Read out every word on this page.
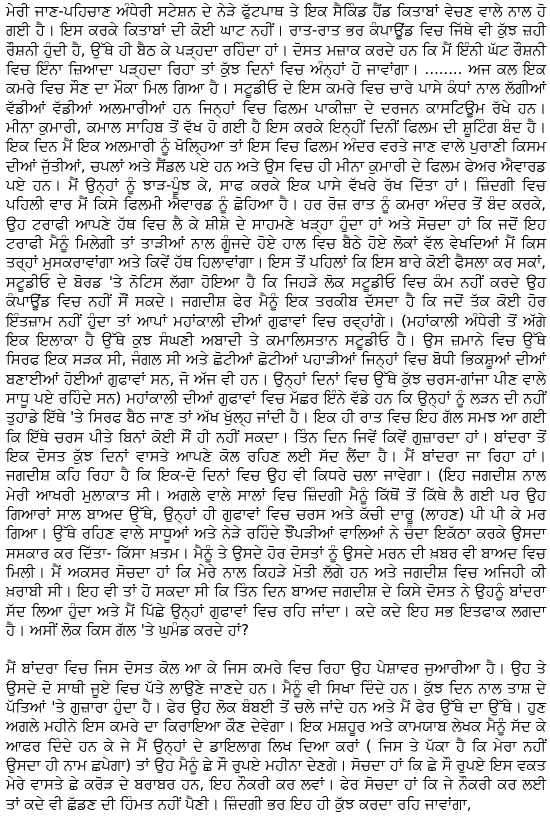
ਮੇਰੀ ਜਾਣ-ਪਹਿਚਾਣ ਅੰਧੇਰੀ ਸਟੇਸ਼ਨ ਦੇ ਨੇੜੇ ਫੁੱਟਪਾਥ ਤੇ ਇਕ ਸੈਕਿੰਡ ਹੈਂਡ ਕਿਤਾਬਾਂ ਵੇਚਣ ਵਾਲੇ ਨਾਲ ਹੋ ਗਈ ਹੈ। ਇਸ ਕਰਕੇ ਕਿਤਾਬਾਂ ਦੀ ਕੋਈ ਘਾਟ ਨਹੀਂ। ਰਾਤ-ਰਾਤ ਭਰ ਕੰਪਾਊਂਡ ਵਿਚ ਜਿੱਥੇ ਵੀ ਕੁੱਝ ਜ਼ਹੀ ਰੌਸ਼ਨੀ ਹੁੰਦੀ ਹੈ, ਉੱਥੇ ਹੀ ਬੈਠ ਕੇ ਪੜ੍ਹਦਾ ਰਹਿੰਦਾ ਹਾਂ। ਦੋਸਤ ਮਜ਼ਾਕ ਕਰਦੇ ਹਨ ਕਿ ਮੈਂ ਇੰਨੀ ਘੱਟ ਰੌਸ਼ਨੀ ਵਿਚ ਇੰਨਾ ਜ਼ਿਆਦਾ ਪੜ੍ਹਦਾ ਰਿਹਾ ਤਾਂ ਕੁੱਝ ਦਿਨਾਂ ਵਿਚ ਅੰਨ੍ਹਾਂ ਹੋ ਜਾਵਾਂਗਾ। ........ ਅਜ ਕਲ ਇਕ ਕਮਰੇ ਵਿਚ ਸੌਣ ਦਾ ਮੌਕਾ ਮਿਲ ਗਿਆ ਹੈ। ਸਟੂਡੀਓ ਦੇ ਇਸ ਕਮਰੇ ਵਿਚ ਚਾਰੇ ਪਾਸੇ ਕੰਧਾਂ ਨਾਲ ਲੱਗੀਆਂ ਵੱਡੀਆਂ ਵੱਡੀਆਂ ਅਲਮਾਰੀਆਂ ਹਨ ਜਿਨ੍ਹਾਂ ਵਿਚ ਫਿਲਮ ਪਾਕੀਜ਼ਾ ਦੇ ਦਰਜਨ ਕਾਸਟਿਊਮ ਰੱਖੇ ਹਨ। ਮੀਨਾ ਕੁਮਾਰੀ, ਕਮਾਲ ਸਾਹਿਬ ਤੋਂ ਵੱਖ ਹੋ ਗਈ ਹੈ ਇਸ ਕਰਕੇ ਇਨ੍ਹੀਂ ਦਿਨੀਂ ਫਿਲਮ ਦੀ ਸ਼ੂਟਿੰਗ ਬੰਦ ਹੈ। ਇਕ ਦਿਨ ਮੈਂ ਇਕ ਅਲਮਾਰੀ ਨੂੰ ਖੋਲ੍ਹਿਆ ਤਾਂ ਇਸ ਵਿਚ ਫਿਲਮ ਅੰਦਰ ਵਰਤੇ ਜਾਣ ਵਾਲੇ ਪੁਰਾਣੀ ਕਿਸਮ ਦੀਆਂ ਜੁੱਤੀਆਂ, ਚਪਲਾਂ ਅਤੇ ਸੈਂਡਲ ਪਏ ਹਨ ਅਤੇ ਉਸ ਵਿਚ ਹੀ ਮੀਨਾ ਕੁਮਾਰੀ ਦੇ ਫਿਲਮ ਫੇਅਰ ਐਵਾਰਡ ਪਏ ਹਨ। ਮੈਂ ਉਨ੍ਹਾਂ ਨੂੰ ਝਾੜ-ਪੂੰਝ ਕੇ, ਸਾਫ ਕਰਕੇ ਇਕ ਪਾਸੇ ਵੱਖਰੇ ਰੱਖ ਦਿੱਤਾ ਹਾਂ। ਜ਼ਿੰਦਗੀ ਵਿਚ ਪਹਿਲੀ ਵਾਰ ਮੈਂ ਕਿਸੇ ਫਿਲਮੀ ਐਵਾਰਡ ਨੂੰ ਛੋਹਿਆ ਹੈ। ਹਰ ਰੋਜ਼ ਰਾਤ ਨੂੰ ਕਮਰਾ ਅੰਦਰ ਤੋਂ ਬੰਦ ਕਰਕੇ, ਉਹ ਟਰਾਫੀ ਆਪਣੇ ਹੱਥ ਵਿਚ ਲੈ ਕੇ ਸ਼ੀਸ਼ੇ ਦੇ ਸਾਹਮਣੇ ਖੜ੍ਹਾ ਹੁੰਦਾ ਹਾਂ ਅਤੇ ਸੋਚਦਾ ਹਾਂ ਕਿ ਜਦੋਂ ਇਹ ਟਰਾਫੀ ਮੈਨੂੰ ਮਿਲੇਗੀ ਤਾਂ ਤਾੜੀਆਂ ਨਾਲ ਗੂੰਜਦੇ ਹੋਏ ਹਾਲ ਵਿਚ ਬੈਠੇ ਹੋਏ ਲੋਕਾਂ ਵੱਲ ਵੇਖਦਿਆਂ ਮੈਂ ਕਿਸ ਤਰ੍ਹਾਂ ਮੁਸਕਰਾਵਾਂਗਾ ਅਤੇ ਕਿਵੇਂ ਹੱਥ ਹਿਲਾਵਾਂਗਾ। ਇਸ ਤੋਂ ਪਹਿਲਾਂ ਕਿ ਇਸ ਬਾਰੇ ਕੋਈ ਫੈਸਲਾ ਕਰ ਸਕਾਂ, ਸਟੂਡੀਓ ਦੇ ਬੋਰਡ 'ਤੇ ਨੋਟਿਸ ਲੱਗਾ ਹੋਇਆ ਹੈ ਕਿ ਜਿਹੜੇ ਲੋਕ ਸਟੂਡੀਓ ਵਿਚ ਕੰਮ ਨਹੀਂ ਕਰਦੇ ਉਹ ਕੰਪਾਊਂਡ ਵਿਚ ਨਹੀਂ ਸੌਂ ਸਕਦੇ। ਜਗਦੀਸ਼ ਫੇਰ ਮੈਨੂੰ ਇਕ ਤਰਕੀਬ ਦੱਸਦਾ ਹੈ ਕਿ ਜਦੋਂ ਤੱਕ ਕੋਈ ਹੋਰ ਇੰਤਜ਼ਾਮ ਨਹੀਂ ਹੁੰਦਾ ਤਾਂ ਆਪਾਂ ਮਹਾਂਕਾਲੀ ਦੀਆਂ ਗੁਫਾਵਾਂ ਵਿਚ ਰਵ੍ਹਾਂਗੇ। (ਮਹਾਂਕਾਲੀ ਅੰਧੇਰੀ ਤੋਂ ਅੱਗੇ ਇਕ ਇਲਾਕਾ ਹੈ ਉੱਥੇ ਕੁਝ ਸੰਘਣੀ ਅਬਾਦੀ ਤੇ ਕਮਾਲਿਸਤਾਨ ਸਟੂਡੀਓ ਹੈ। ਉਸ ਜ਼ਮਾਨੇ ਵਿਚ ਉੱਥੇ ਸਿਰਫ ਇਕ ਸੜਕ ਸੀ, ਜੰਗਲ ਸੀ ਅਤੇ ਛੋਟੀਆਂ ਛੋਟੀਆਂ ਪਹਾੜੀਆਂ ਜਿਨ੍ਹਾਂ ਵਿਚ ਬੋਧੀ ਭਿਕਸ਼ੂਆਂ ਦੀਆਂ ਬਣਾਈਆਂ ਹੋਈਆਂ ਗੁਫਾਵਾਂ ਸਨ, ਜੋ ਅੱਜ ਵੀ ਹਨ। ਉਨ੍ਹਾਂ ਦਿਨਾਂ ਵਿਚ ਉੱਥੇ ਕੁੱਝ ਚਰਸ-ਗਾਂਜਾ ਪੀਣ ਵਾਲੇ ਸਾਧੂ ਪਏ ਰਹਿੰਦੇ ਸਨ) ਮਹਾਂਕਾਲੀ ਦੀਆਂ ਗੁਫਾਵਾਂ ਵਿਚ ਮੱਛਰ ਇੰਨੇ ਵੱਡੇ ਹਨ ਕਿ ਉਨ੍ਹਾਂ ਨੂੰ ਲੜਨ ਦੀ ਨਹੀਂ ਤੁਹਾਡੇ ਇੱਥੇ 'ਤੇ ਸਿਰਫ ਬੈਠ ਜਾਣ ਤਾਂ ਅੱਖ ਖੁੱਲ੍ਹ ਜਾਂਦੀ ਹੈ। ਇਕ ਹੀ ਰਾਤ ਵਿਚ ਇਹ ਗੱਲ ਸਮਝ ਆ ਗਈ ਕਿ ਇੱਥੇ ਚਰਸ ਪੀਤੇ ਬਿਨਾਂ ਕੋਈ ਸੌਂ ਹੀ ਨਹੀਂ ਸਕਦਾ। ਤਿੰਨ ਦਿਨ ਜਿਵੇਂ ਕਿਵੇਂ ਗੁਜ਼ਾਰਦਾ ਹਾਂ। ਬਾਂਦਰਾ ਤੋਂ ਇਕ ਦੋਸਤ ਕੁੱਝ ਦਿਨਾਂ ਵਾਸਤੇ ਆਪਣੇ ਕੋਲ ਰਹਿਣ ਲਈ ਸੱਦ ਲੈਂਦਾ ਹੈ। ਮੈਂ ਬਾਂਦਰਾ ਜਾ ਰਿਹਾ ਹਾਂ। ਜਗਦੀਸ਼ ਕਹਿ ਰਿਹਾ ਹੈ ਕਿ ਇਕ-ਦੋ ਦਿਨਾਂ ਵਿਚ ਉਹ ਵੀ ਕਿਧਰੇ ਚਲਾ ਜਾਵੇਗਾ। (ਇਹ ਜਗਦੀਸ਼ ਨਾਲ ਮੇਰੀ ਆਖਰੀ ਮੁਲਾਕਾਤ ਸੀ। ਅਗਲੇ ਵਾਲੇ ਸਾਲਾਂ ਵਿਚ ਜ਼ਿੰਦਗੀ ਮੈਨੂੰ ਕਿੱਥੋਂ ਤੋਂ ਕਿੱਥੇ ਲੈ ਗਈ ਪਰ ਉਹ ਗਿਆਰਾਂ ਸਾਲ ਬਾਅਦ ਉੱਥੇ, ਉਨ੍ਹਾਂ ਹੀ ਗੁਫਾਵਾਂ ਵਿਚ ਚਰਸ ਅਤੇ ਕੱਚੀ ਦਾਰੂ (ਲਾਹਣ) ਪੀ ਪੀ ਕੇ ਮਰ ਗਿਆ। ਉੱਥੇ ਰਹਿਣ ਵਾਲੇ ਸਾਧੂਆਂ ਅਤੇ ਨੇੜੇ ਰਹਿੰਦੇ ਝੌਂਪੜੀਆਂ ਵਾਲਿਆਂ ਨੇ ਚੰਦਾ ਇਕੱਠਾ ਕਰਕੇ ਉਸਦਾ ਸਸਕਾਰ ਕਰ ਦਿੱਤਾ- ਕਿੱਸਾ ਖ਼ਤਮ। ਮੈਨੂੰ ਤੇ ਉਸਦੇ ਹੋਰ ਦੋਸਤਾਂ ਨੂੰ ਉਸਦੇ ਮਰਨ ਦੀ ਖ਼ਬਰ ਵੀ ਬਾਅਦ ਵਿਚ ਮਿਲੀ। ਮੈਂ ਅਕਸਰ ਸੋਚਦਾ ਹਾਂ ਕਿ ਮੇਰੇ ਨਾਲ ਕਿਹੜੇ ਮੋਤੀ ਲੱਗੇ ਹਨ ਅਤੇ ਜਗਦੀਸ਼ ਵਿਚ ਅਜਿਹੀ ਕੀ ਖ਼ਰਾਬੀ ਸੀ। ਇਹ ਵੀ ਤਾਂ ਹੋ ਸਕਦਾ ਸੀ ਕਿ ਤਿੰਨ ਦਿਨ ਬਾਅਦ ਜਗਦੀਸ਼ ਦੇ ਕਿਸੇ ਦੋਸਤ ਨੇ ਉਹਨੂੰ ਬਾਂਦਰਾ ਸੱਦ ਲਿਆ ਹੁੰਦਾ ਅਤੇ ਮੈਂ ਪਿੱਛੇ ਉਨ੍ਹਾਂ ਗੁਫਾਵਾਂ ਵਿਚ ਰਹਿ ਜਾਂਦਾ। ਕਦੇ ਕਦੇ ਇਹ ਸਭ ਇਤਫਾਕ ਲਗਦਾ ਹੈ। ਅਸੀਂ ਲੋਕ ਕਿਸ ਗੱਲ 'ਤੇ ਘੁਮੰਡ ਕਰਦੇ ਹਾਂ?

ਮੈਂ ਬਾਂਦਰਾ ਵਿਚ ਜਿਸ ਦੋਸਤ ਕੋਲ ਆ ਕੇ ਜਿਸ ਕਮਰੇ ਵਿਚ ਰਿਹਾ ਉਹ ਪੇਸ਼ਾਵਰ ਜੁਆਰੀਆ ਹੈ। ਉਹ ਤੇ ਉਸਦੇ ਦੋ ਸਾਥੀ ਜੂਏ ਵਿਚ ਪੱਤੇ ਲਾਉਣੇ ਜਾਣਦੇ ਹਨ। ਮੈਨੂੰ ਵੀ ਸਿਖਾ ਦਿੰਦੇ ਹਨ। ਕੁੱਝ ਦਿਨ ਨਾਲ ਤਾਸ਼ ਦੇ ਪੱਤਿਆਂ 'ਤੇ ਗੁਜ਼ਾਰਾ ਹੁੰਦਾ ਹੈ। ਫੇਰ ਉਹ ਲੋਕ ਬੰਬਈ ਤੋਂ ਚਲੇ ਜਾਂਦੇ ਹਨ ਅਤੇ ਮੈਂ ਫੇਰ ਉੱਥੇ ਦਾ ਉੱਥੇ। ਹੁਣ ਅਗਲੇ ਮਹੀਨੇ ਇਸ ਕਮਰੇ ਦਾ ਕਿਰਾਇਆ ਕੌਣ ਦੇਵੇਗਾ। ਇਕ ਮਸ਼ਹੂਰ ਅਤੇ ਕਾਮਯਾਬ ਲੇਖਕ ਮੈਨੂੰ ਸੱਦ ਕੇ ਆਫਰ ਦਿੰਦੇ ਹਨ ਕੇ ਜੇ ਮੈਂ ਉਨ੍ਹਾਂ ਦੇ ਡਾਇਲਾਗ ਲਿਖ ਦਿਆ ਕਰਾਂ ( ਜਿਸ ਤੇ ਪੱਕਾ ਹੈ ਕਿ ਮੇਰਾ ਨਹੀਂ ਉਸਦਾ ਹੀ ਨਾਮ ਛਪੇਗਾ) ਤਾਂ ਉਹ ਮੈਨੂੰ ਛੇ ਸੌ ਰੁਪਏ ਮਹੀਨਾ ਦੇਣਗੇ। ਸੋਚਦਾ ਹਾਂ ਕਿ ਛੇ ਸੌ ਰੁਪਏ ਇਸ ਵਕਤ ਮੇਰੇ ਵਾਸਤੇ ਛੇ ਕਰੋੜ ਦੇ ਬਰਾਬਰ ਹਨ, ਇਹ ਨੌਕਰੀ ਕਰ ਲਵਾਂ। ਫੇਰ ਸੋਚਦਾ ਹਾਂ ਕਿ ਜੇ ਨੌਕਰੀ ਕਰ ਲਈ ਤਾਂ ਕਦੇ ਵੀ ਛੱਡਣ ਦੀ ਹਿੰਮਤ ਨਹੀਂ ਪੈਣੀ। ਜ਼ਿੰਦਗੀ ਭਰ ਇਹ ਹੀ ਕੁੱਝ ਕਰਦਾ ਰਹਿ ਜਾਵਾਂਗਾ,
